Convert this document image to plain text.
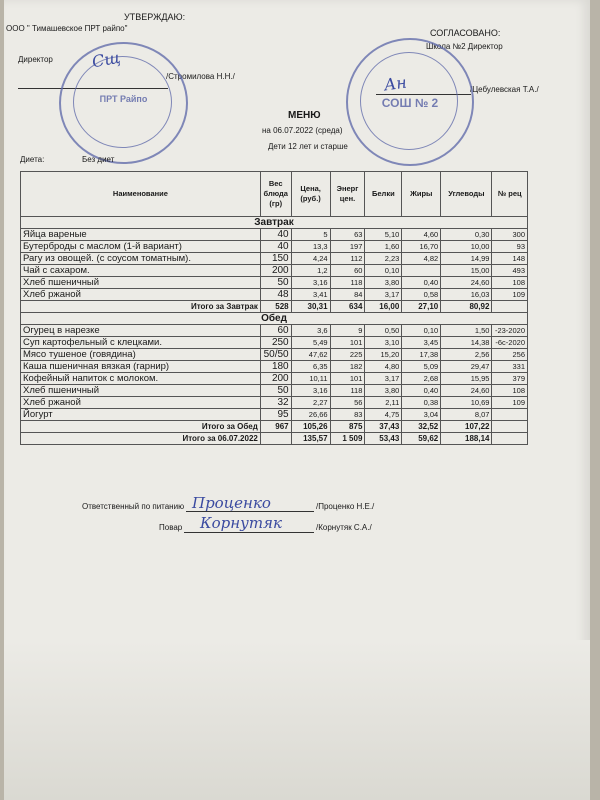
УТВЕРЖДАЮ:
ООО " Тимашевское ПРТ райпо"
Директор
/Стромилова Н.Н./
СОГЛАСОВАНО:
Школа №2 Директор
/Цебулевская Т.А./
ПРТ Райпо	СОШ № 2
Сщ
Ан
МЕНЮ
на 06.07.2022 (среда)
Дети 12 лет и старше
Диета:	Без диет
Наименование	Вес блюда (гр)	Цена, (руб.)	Энерг цен.	Белки	Жиры	Углеводы	№ рец
Завтрак							
Яйца вареные	40	5	63	5,10	4,60	0,30	300
Бутерброды с маслом (1-й вариант)	40	13,3	197	1,60	16,70	10,00	93
Рагу из овощей. (с соусом томатным).	150	4,24	112	2,23	4,82	14,99	148
Чай с сахаром.	200	1,2	60	0,10		15,00	493
Хлеб пшеничный	50	3,16	118	3,80	0,40	24,60	108
Хлеб ржаной	48	3,41	84	3,17	0,58	16,03	109
Итого за Завтрак	528	30,31	634	16,00	27,10	80,92	
Обед							
Огурец в нарезке	60	3,6	9	0,50	0,10	1,50	-23-2020
Суп картофельный с клецками.	250	5,49	101	3,10	3,45	14,38	-6с-2020
Мясо тушеное (говядина)	50/50	47,62	225	15,20	17,38	2,56	256
Каша пшеничная вязкая (гарнир)	180	6,35	182	4,80	5,09	29,47	331
Кофейный напиток с молоком.	200	10,11	101	3,17	2,68	15,95	379
Хлеб пшеничный	50	3,16	118	3,80	0,40	24,60	108
Хлеб ржаной	32	2,27	56	2,11	0,38	10,69	109
Йогурт	95	26,66	83	4,75	3,04	8,07	
Итого за Обед	967	105,26	875	37,43	32,52	107,22	
Итого за 06.07.2022		135,57	1 509	53,43	59,62	188,14	
Ответственный по питанию Проценко	/Проценко Н.Е./
Повар Корнутяк	/Корнутяк С.А./
